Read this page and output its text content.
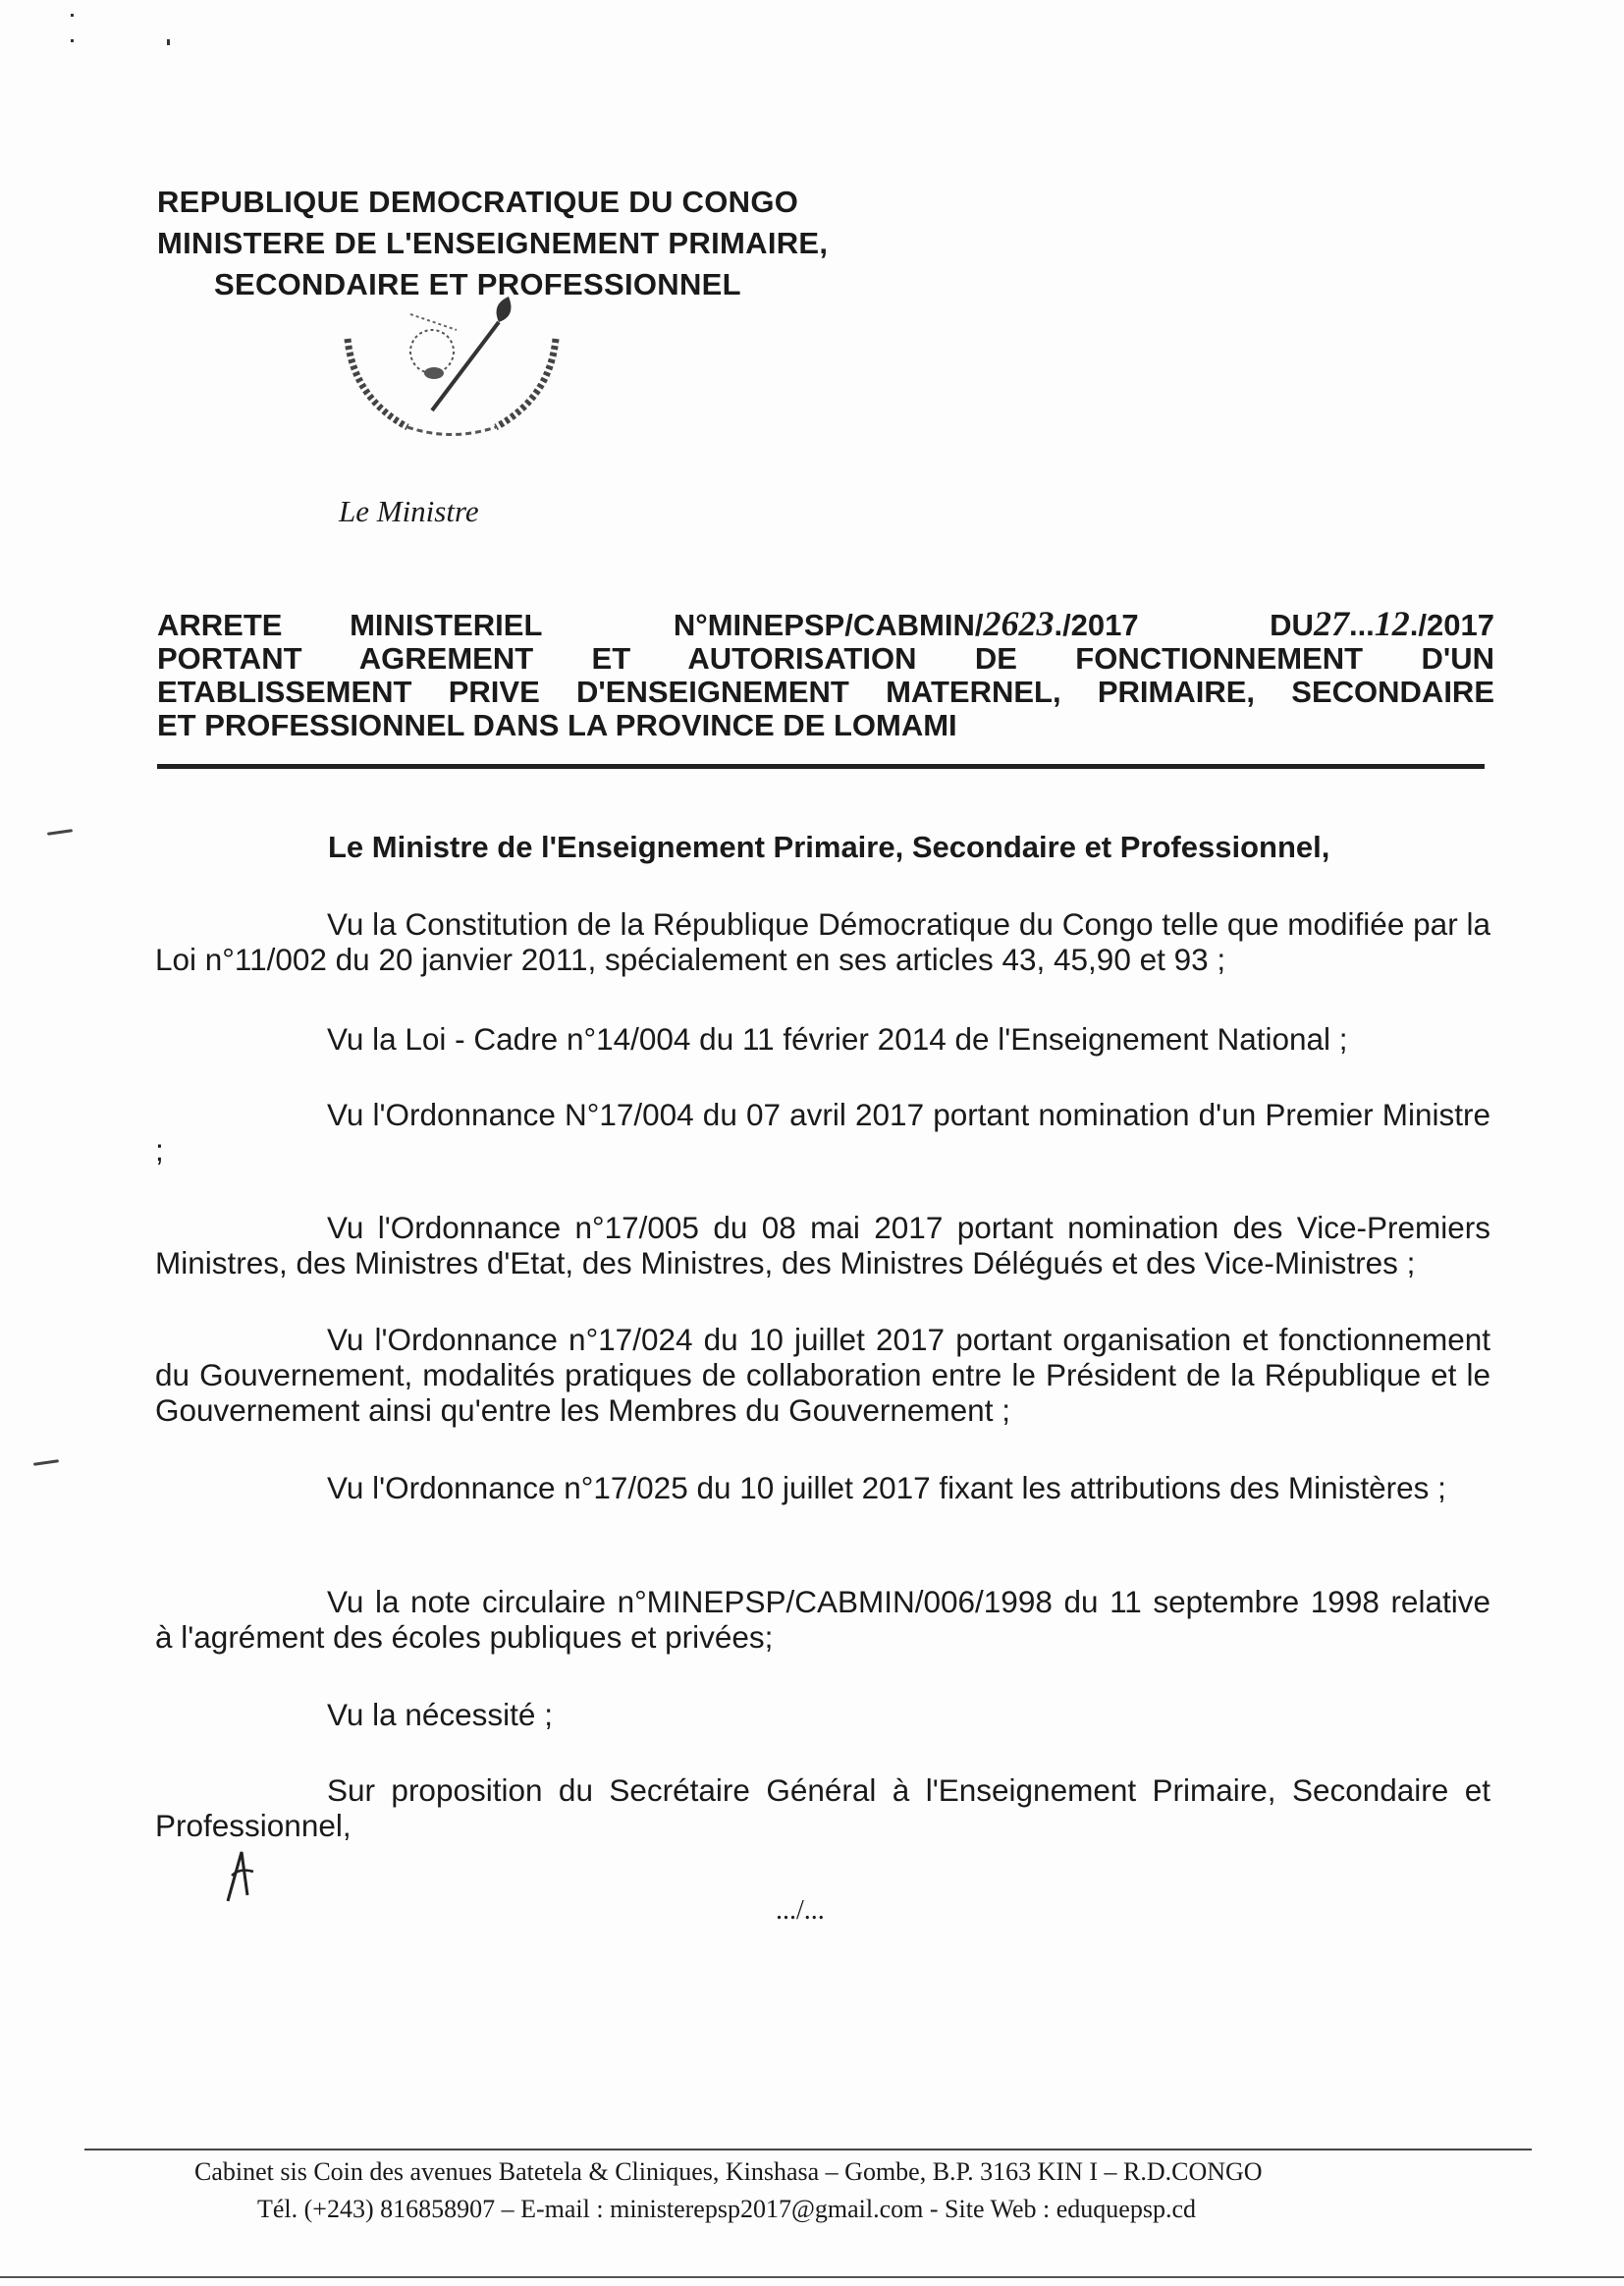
REPUBLIQUE DEMOCRATIQUE DU CONGO
MINISTERE DE L'ENSEIGNEMENT PRIMAIRE,
SECONDAIRE ET PROFESSIONNEL
Le Ministre
ARRETE MINISTERIEL	N°MINEPSP/CABMIN/2623./2017	DU27...12./2017
PORTANT AGREMENT ET AUTORISATION DE FONCTIONNEMENT D'UN
ETABLISSEMENT PRIVE D'ENSEIGNEMENT MATERNEL, PRIMAIRE, SECONDAIRE
ET PROFESSIONNEL DANS LA PROVINCE DE LOMAMI
Le Ministre de l'Enseignement Primaire, Secondaire et Professionnel,
Vu la Constitution de la République Démocratique du Congo telle que modifiée par la Loi n°11/002 du 20 janvier 2011, spécialement en ses articles 43, 45,90 et 93 ;
Vu la Loi - Cadre n°14/004 du 11 février 2014 de l'Enseignement National ;
Vu l'Ordonnance N°17/004 du 07 avril 2017 portant nomination d'un Premier Ministre ;
Vu l'Ordonnance n°17/005 du 08 mai 2017 portant nomination des Vice-Premiers Ministres, des Ministres d'Etat, des Ministres, des Ministres Délégués et des Vice-Ministres ;
Vu l'Ordonnance n°17/024 du 10 juillet 2017 portant organisation et fonctionnement du Gouvernement, modalités pratiques de collaboration entre le Président de la République et le Gouvernement ainsi qu'entre les Membres du Gouvernement ;
Vu l'Ordonnance n°17/025 du 10 juillet 2017 fixant les attributions des Ministères ;
Vu la note circulaire n°MINEPSP/CABMIN/006/1998 du 11 septembre 1998 relative à l'agrément des écoles publiques et privées;
Vu la nécessité ;
Sur proposition du Secrétaire Général à l'Enseignement Primaire, Secondaire et Professionnel,
.../...
Cabinet sis Coin des avenues Batetela & Cliniques, Kinshasa – Gombe, B.P. 3163 KIN I – R.D.CONGO
Tél. (+243) 816858907 – E-mail : ministerepsp2017@gmail.com - Site Web : eduquepsp.cd
